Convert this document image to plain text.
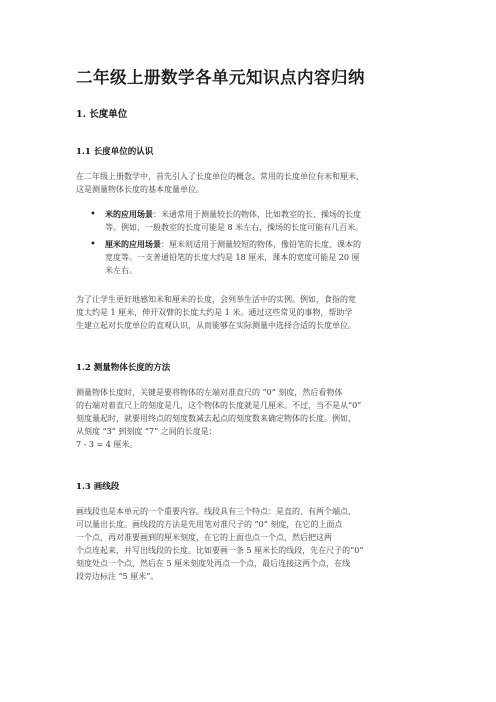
二年级上册数学各单元知识点内容归纳
1. 长度单位
1.1 长度单位的认识
在二年级上册数学中，首先引入了长度单位的概念。常用的长度单位有米和厘米，
这是测量物体长度的基本度量单位。
• 米的应用场景：米通常用于测量较长的物体，比如教室的长、操场的长度
等。例如，一般教室的长度可能是 8 米左右，操场的长度可能有几百米。
• 厘米的应用场景：厘米则适用于测量较短的物体，像铅笔的长度、课本的
宽度等。一支普通铅笔的长度大约是 18 厘米，课本的宽度可能是 20 厘
米左右。
为了让学生更好地感知米和厘米的长度，会列举生活中的实例。例如，食指的宽
度大约是 1 厘米，伸开双臂的长度大约是 1 米。通过这些常见的事物，帮助学
生建立起对长度单位的直观认识，从而能够在实际测量中选择合适的长度单位。
1.2 测量物体长度的方法
测量物体长度时，关键是要将物体的左端对准直尺的 “0” 刻度，然后看物体
的右端对着直尺上的刻度是几，这个物体的长度就是几厘米。不过，当不是从“0”
刻度量起时，就要用终点的刻度数减去起点的刻度数来确定物体的长度。例如，
从刻度 “3” 到刻度 “7” 之间的长度是：
7 - 3 = 4 厘米。
1.3 画线段
画线段也是本单元的一个重要内容。线段具有三个特点：是直的、有两个端点、
可以量出长度。画线段的方法是先用笔对准尺子的 “0” 刻度，在它的上面点
一个点，再对准要画到的厘米刻度，在它的上面也点一个点，然后把这两
个点连起来，并写出线段的长度。比如要画一条 5 厘米长的线段，先在尺子的“0”
刻度处点一个点，然后在 5 厘米刻度处再点一个点，最后连接这两个点，在线
段旁边标注 “5 厘米”。
